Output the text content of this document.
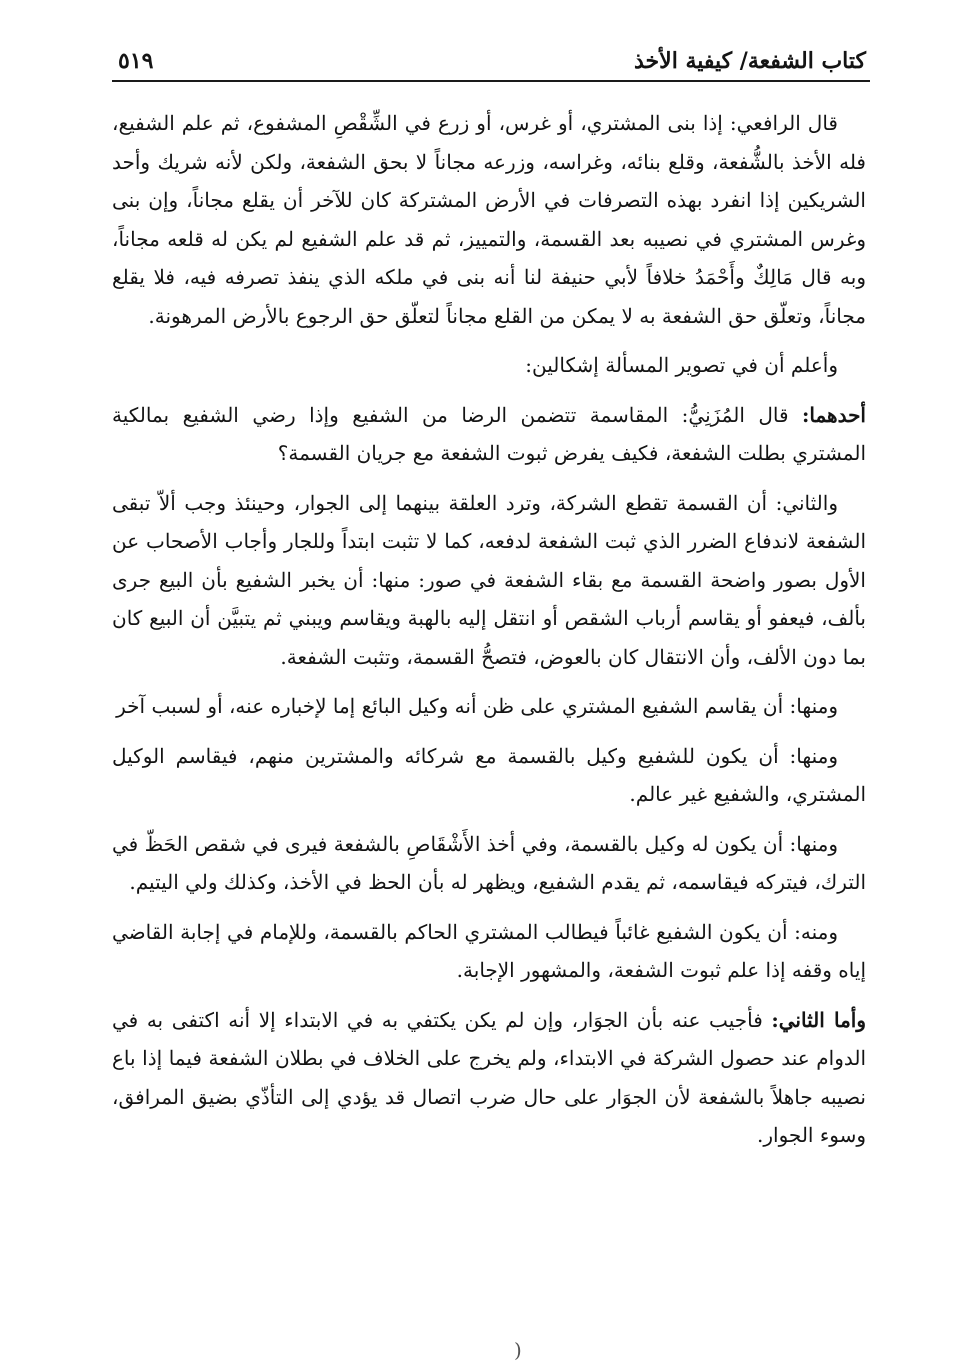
كتاب الشفعة/ كيفية الأخذ
٥١٩

قال الرافعي: إذا بنى المشتري، أو غرس، أو زرع في الشِّقْصِ المشفوع، ثم علم الشفيع، فله الأخذ بالشُّفعة، وقلع بنائه، وغراسه، وزرعه مجاناً لا بحق الشفعة، ولكن لأنه شريك وأحد الشريكين إذا انفرد بهذه التصرفات في الأرض المشتركة كان للآخر أن يقلع مجاناً، وإن بنى وغرس المشتري في نصيبه بعد القسمة، والتمييز، ثم قد علم الشفيع لم يكن له قلعه مجاناً، وبه قال مَالِكٌ وأَحْمَدُ خلافاً لأبي حنيفة لنا أنه بنى في ملكه الذي ينفذ تصرفه فيه، فلا يقلع مجاناً، وتعلّق حق الشفعة به لا يمكن من القلع مجاناً لتعلّق حق الرجوع بالأرض المرهونة.

وأعلم أن في تصوير المسألة إشكالين:

أحدهما: قال المُزَنِيُّ: المقاسمة تتضمن الرضا من الشفيع وإذا رضي الشفيع بمالكية المشتري بطلت الشفعة، فكيف يفرض ثبوت الشفعة مع جريان القسمة؟

والثاني: أن القسمة تقطع الشركة، وترد العلقة بينهما إلى الجوار، وحينئذ وجب ألاّ تبقى الشفعة لاندفاع الضرر الذي ثبت الشفعة لدفعه، كما لا تثبت ابتداً وللجار وأجاب الأصحاب عن الأول بصور واضحة القسمة مع بقاء الشفعة في صور: منها: أن يخبر الشفيع بأن البيع جرى بألف، فيعفو أو يقاسم أرباب الشقص أو انتقل إليه بالهبة ويقاسم ويبني ثم يتبيَّن أن البيع كان بما دون الألف، وأن الانتقال كان بالعوض، فتصحُّ القسمة، وتثبت الشفعة.

ومنها: أن يقاسم الشفيع المشتري على ظن أنه وكيل البائع إما لإخباره عنه، أو لسبب آخر

ومنها: أن يكون للشفيع وكيل بالقسمة مع شركائه والمشترين منهم، فيقاسم الوكيل المشتري، والشفيع غير عالم.

ومنها: أن يكون له وكيل بالقسمة، وفي أخذ الأَشْقَاصِ بالشفعة فيرى في شقص الحَظّ في الترك، فيتركه فيقاسمه، ثم يقدم الشفيع، ويظهر له بأن الحظ في الأخذ، وكذلك ولي اليتيم.

ومنه: أن يكون الشفيع غائباً فيطالب المشتري الحاكم بالقسمة، وللإمام في إجابة القاضي إياه وقفه إذا علم ثبوت الشفعة، والمشهور الإجابة.

وأما الثاني: فأجيب عنه بأن الجوَار، وإن لم يكن يكتفي به في الابتداء إلا أنه اكتفى به في الدوام عند حصول الشركة في الابتداء، ولم يخرج على الخلاف في بطلان الشفعة فيما إذا باع نصيبه جاهلاً بالشفعة لأن الجوَار على حال ضرب اتصال قد يؤدي إلى التأذّي بضيق المرافق، وسوء الجوار.

)
